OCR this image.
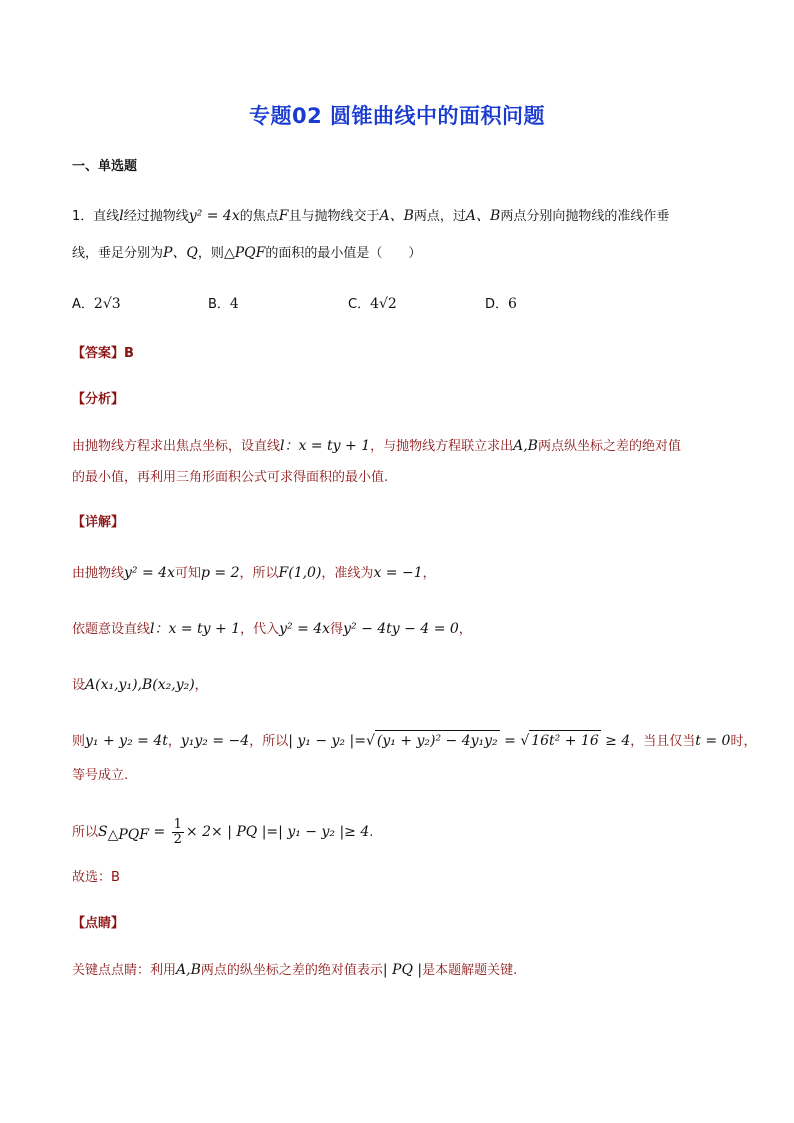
专题02 圆锥曲线中的面积问题
一、单选题
1．直线l经过抛物线y² = 4x的焦点F且与抛物线交于A、B两点，过A、B两点分别向抛物线的准线作垂
线，垂足分别为P、Q，则△PQF的面积的最小值是（　　）
A．2√3	B．4	C．4√2	D．6
【答案】B
【分析】
由抛物线方程求出焦点坐标，设直线l：x = ty + 1，与抛物线方程联立求出A,B两点纵坐标之差的绝对值
的最小值，再利用三角形面积公式可求得面积的最小值.
【详解】
由抛物线y² = 4x可知p = 2，所以F(1,0)，准线为x = −1，
依题意设直线l：x = ty + 1，代入y² = 4x得y² − 4ty − 4 = 0，
设A(x₁,y₁),B(x₂,y₂)，
则y₁ + y₂ = 4t，y₁y₂ = −4，所以| y₁ − y₂ |=√ (y₁ + y₂)² − 4y₁y₂ = √ 16t² + 16 ≥ 4，当且仅当t = 0时，
等号成立.
所以$S_{\triangle PQF} = \frac{1}{2} \times 2\times$ | PQ |=| y₁ − y₂ |≥ 4.
故选：B
【点睛】
关键点点睛：利用A,B两点的纵坐标之差的绝对值表示| PQ |是本题解题关键.
